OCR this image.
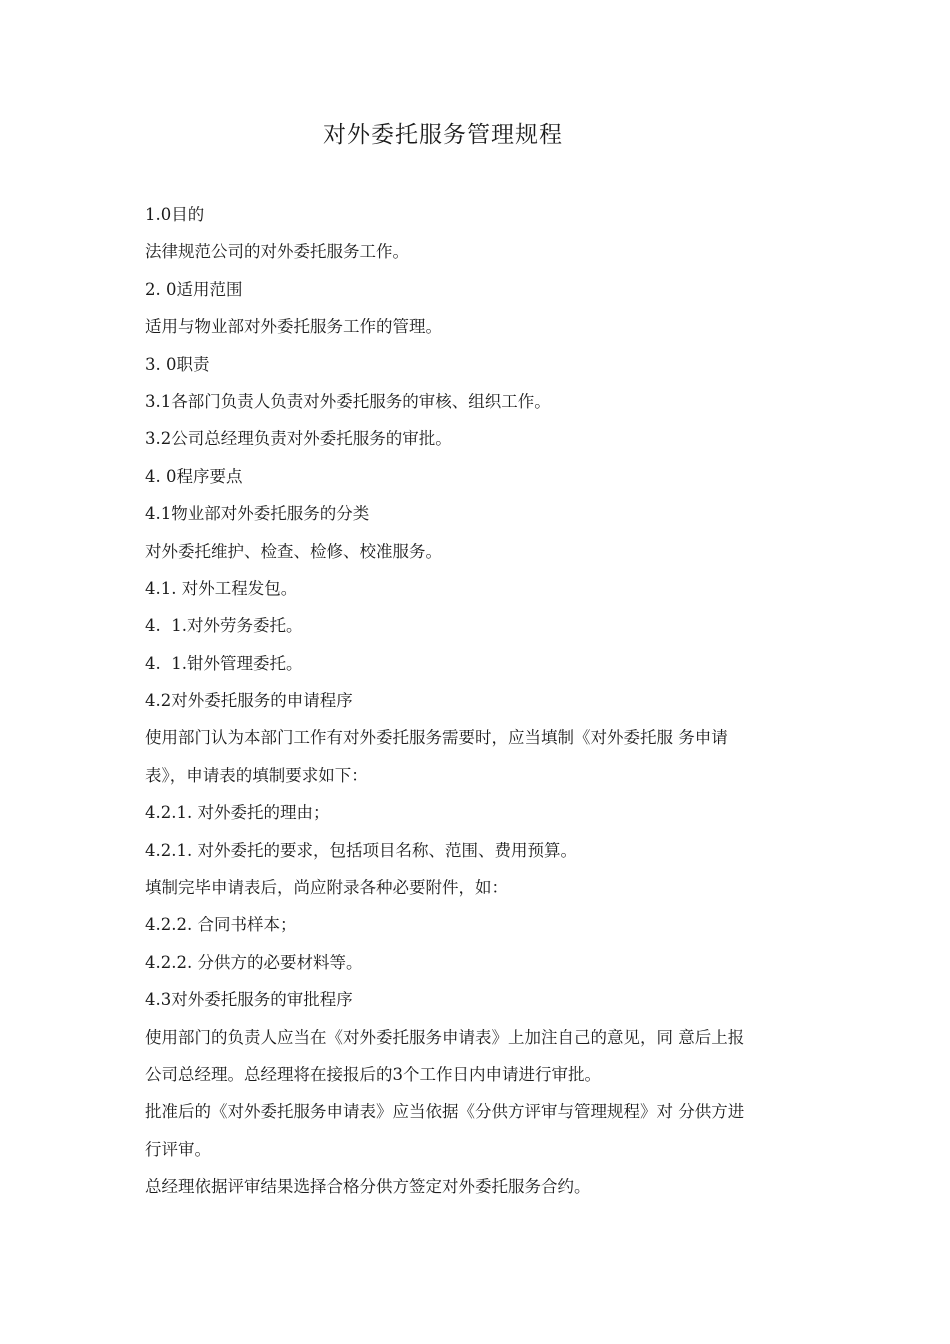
对外委托服务管理规程
1.0目的
法律规范公司的对外委托服务工作。
2. 0适用范围
适用与物业部对外委托服务工作的管理。
3. 0职责
3.1各部门负责人负责对外委托服务的审核、组织工作。
3.2公司总经理负责对外委托服务的审批。
4. 0程序要点
4.1物业部对外委托服务的分类
对外委托维护、检查、检修、校准服务。
4.1. 对外工程发包。
4.  1.对外劳务委托。
4.  1.钳外管理委托。
4.2对外委托服务的申请程序
使用部门认为本部门工作有对外委托服务需要时，应当填制《对外委托服 务申请
表》，申请表的填制要求如下：
4.2.1. 对外委托的理由；
4.2.1. 对外委托的要求，包括项目名称、范围、费用预算。
填制完毕申请表后，尚应附录各种必要附件，如：
4.2.2. 合同书样本；
4.2.2. 分供方的必要材料等。
4.3对外委托服务的审批程序
使用部门的负责人应当在《对外委托服务申请表》上加注自己的意见，同 意后上报
公司总经理。总经理将在接报后的3个工作日内申请进行审批。
批准后的《对外委托服务申请表》应当依据《分供方评审与管理规程》对 分供方进
行评审。
总经理依据评审结果选择合格分供方签定对外委托服务合约。
